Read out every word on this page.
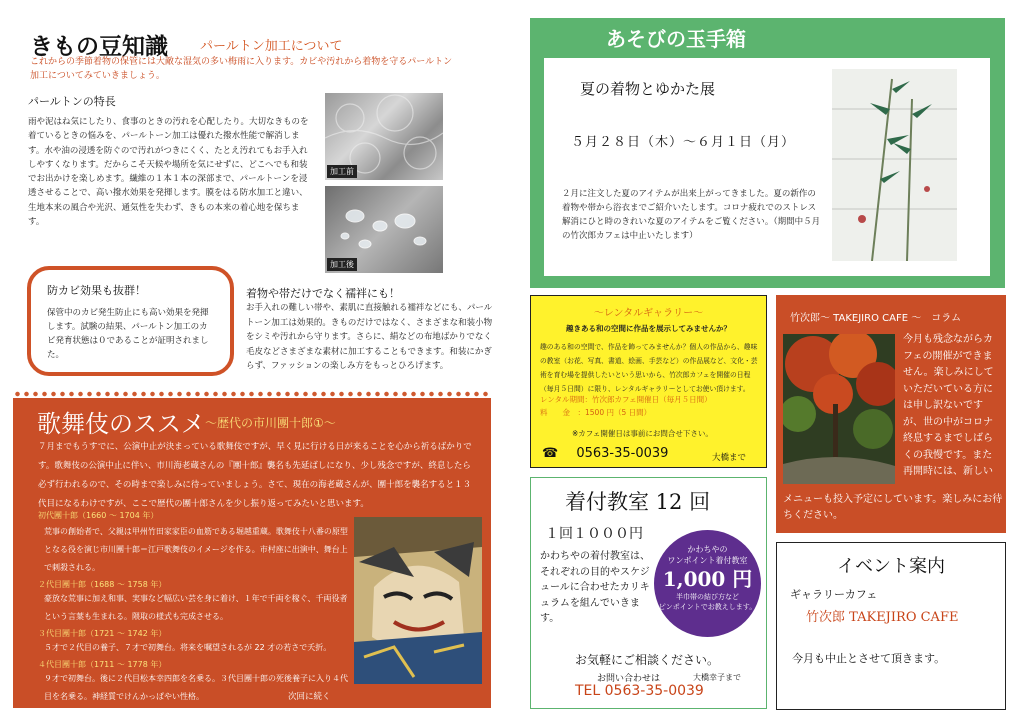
きもの豆知識 パールトン加工について
これからの季節着物の保管には大敵な湿気の多い梅雨に入ります。カビや汚れから着物を守るパールトン加工についてみていきましょう。
パールトンの特長
雨や泥はね気にしたり、食事のときの汚れを心配したり。大切なきものを着ているときの悩みを、パールトーン加工は優れた撥水性能で解消します。水や油の浸透を防ぐので汚れがつきにくく、たとえ汚れてもお手入れしやすくなります。だからこそ天候や場所を気にせずに、どこへでも和装でお出かけを楽しめます。繊維の１本１本の深部まで、パールトーンを浸透させることで、高い撥水効果を発揮します。膜をはる防水加工と違い、生地本来の風合や光沢、通気性を失わず、きもの本来の着心地を保ちます。
加工前
加工後
防カビ効果も抜群！
保管中のカビ発生防止にも高い効果を発揮します。試験の結果、パールトン加工のカビ発育状態は０であることが証明されました。
着物や帯だけでなく襦袢にも！
お手入れの難しい帯や、素肌に直接触れる襦袢などにも、パールトーン加工は効果的。きものだけではなく、さまざまな和装小物をシミや汚れから守ります。さらに、絹などの布地ばかりでなく毛皮などさまざまな素材に加工することもできます。和装にかぎらず、ファッションの楽しみ方をもっとひろげます。
歌舞伎のススメ ～歴代の市川團十郎①～
７月までもうすでに、公演中止が決まっている歌舞伎ですが、早く見に行ける日が来ることを心から祈るばかりです。歌舞伎の公演中止に伴い、市川海老蔵さんの『團十郎』襲名も先延ばしになり、少し残念ですが、終息したら必ず行われるので、その時まで楽しみに待っていましょう。さて、現在の海老蔵さんが、團十郎を襲名すると１３代目になるわけですが、ここで歴代の團十郎さんを少し振り返ってみたいと思います。
初代團十郎（1660 ～ 1704 年）
荒事の創始者で、父親は甲州竹田家家臣の血筋である堀越重蔵。歌舞伎十八番の原型となる役を演じ市川團十郎＝江戸歌舞伎のイメージを作る。市村座に出演中、舞台上で刺殺される。
２代目團十郎（1688 ～ 1758 年）
豪放な荒事に加え和事、実事など幅広い芸を身に着け、１年で千両を稼ぐ、千両役者という言葉も生まれる。隈取の様式も完成させる。
３代目團十郎（1721 ～ 1742 年）
５才で２代目の養子、７才で初舞台。将来を嘱望されるが 22 才の若さで夭折。
４代目團十郎（1711 ～ 1778 年）
９才で初舞台。後に２代目松本幸四郎を名乗る。３代目團十郎の死後養子に入り４代目を名乗る。神経質でけんかっぱやい性格。	次回に続く
あそびの玉手箱
夏の着物とゆかた展
５月２８日（木）～６月１日（月）
２月に注文した夏のアイテムが出来上がってきました。夏の新作の着物や帯から浴衣までご紹介いたします。コロナ疲れでのストレス解消にひと時のきれいな夏のアイテムをご覧ください。（期間中５月の竹次郎カフェは中止いたします）
～レンタルギャラリー～
趣きある和の空間に作品を展示してみませんか？
趣のある和の空間で、作品を飾ってみませんか？個人の作品から、趣味の教室（お花、写真、書道、絵画、手芸など）の作品展など、文化・芸術を育む場を提供したいという思いから、竹次郎カフェを開催の日程（毎月５日間）に限り、レンタルギャラリーとしてお使い頂けます。
レンタル期間：竹次郎カフェ開催日（毎月５日間）
料　　金　：1500 円（5 日間）
※カフェ開催日は事前にお問合せ下さい。
☎ 0563-35-0039	大橋まで
竹次郎～ TAKEJIRO CAFE ～　コラム
今月も残念ながらカフェの開催ができません。楽しみにしていただいている方には申し訳ないですが、世の中がコロナ終息するまでしばらくの我慢です。また再開時には、新しい
メニューも投入予定にしています。楽しみにお待ちください。
着付教室 12 回
１回１０００円
かわちやの着付教室は、それぞれの目的やスケジュールに合わせたカリキュラムを組んでいきます。
かわちやの
ワンポイント着付教室
1,000 円
半巾帯の結び方など
ピンポイントでお教えします。
お気軽にご相談ください。
お問い合わせは	大橋幸子まで
TEL 0563-35-0039
イベント案内
ギャラリーカフェ
竹次郎 TAKEJIRO CAFE
今月も中止とさせて頂きます。
